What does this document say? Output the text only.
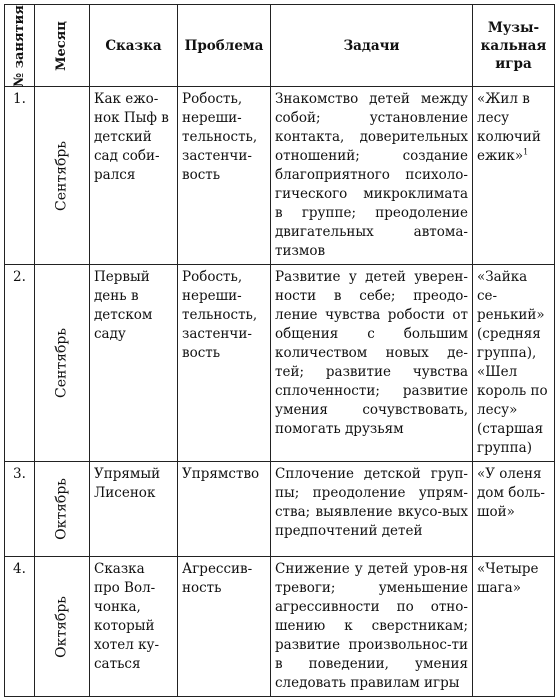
№ занятия	Месяц	Сказка	Проблема	Задачи	Музы-кальная игра
1.	Сентябрь	Как ежо-нок Пыф в детский сад соби-рался	Робость, нереши-тельность, застенчи-вость	Знакомство детей между собой; установление контакта, доверительных отношений; создание благоприятного психоло-гического микроклимата в группе; преодоление двигательных автома-тизмов	«Жил в лесу колючий ежик»$^1$
2.	Сентябрь	Первый день в детском саду	Робость, нереши-тельность, застенчи-вость	Развитие у детей уверен-ности в себе; преодо-ление чувства робости от общения с большим количеством новых де-тей; развитие чувства сплоченности; развитие умения сочувствовать, помогать друзьям	«Зайка се-ренький» (средняя группа), «Шел король по лесу» (старшая группа)
3.	Октябрь	Упрямый Лисенок	Упрямство	Сплочение детской груп-пы; преодоление упрям-ства; выявление вкусо-вых предпочтений детей	«У оленя дом боль-шой»
4.	Октябрь	Сказка про Вол-чонка, который хотел ку-саться	Агрессив-ность	Снижение у детей уров-ня тревоги; уменьшение агрессивности по отно-шению к сверстникам; развитие произвольнос-ти в поведении, умения следовать правилам игры	«Четыре шага»
